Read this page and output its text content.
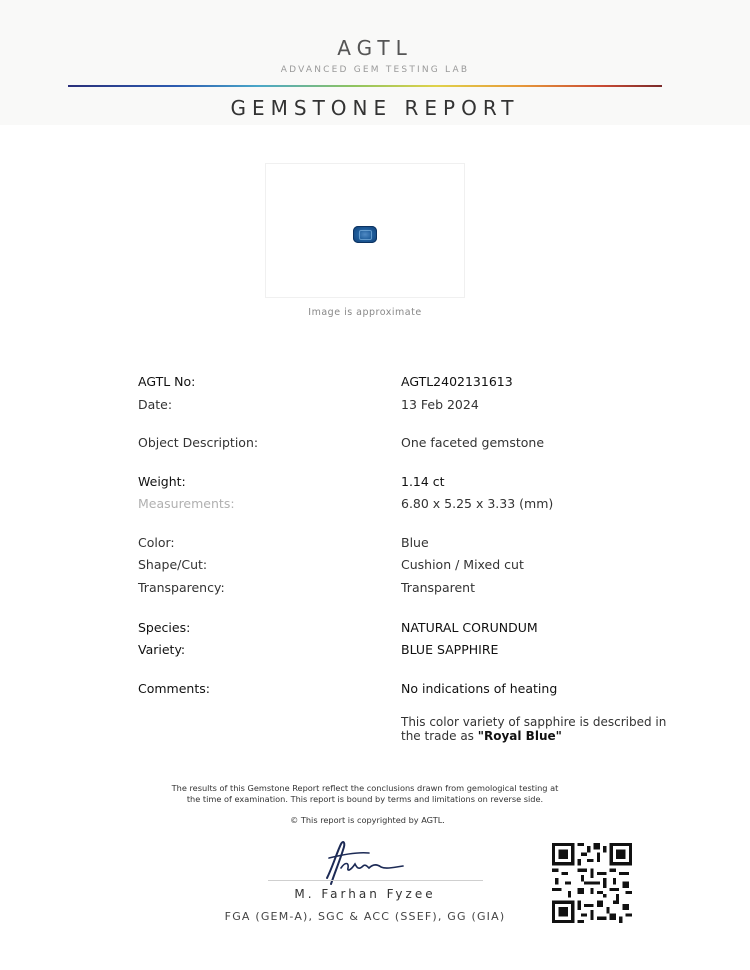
AGTL
ADVANCED GEM TESTING LAB
GEMSTONE REPORT
Image is approximate
AGTL No:	AGTL2402131613
Date:	13 Feb 2024
Object Description:	One faceted gemstone
Weight:	1.14 ct
Measurements:	6.80 x 5.25 x 3.33 (mm)
Color:	Blue
Shape/Cut:	Cushion / Mixed cut
Transparency:	Transparent
Species:	NATURAL CORUNDUM
Variety:	BLUE SAPPHIRE
Comments:	No indications of heating
This color variety of sapphire is described in the trade as "Royal Blue"
The results of this Gemstone Report reflect the conclusions drawn from gemological testing at
the time of examination. This report is bound by terms and limitations on reverse side.
© This report is copyrighted by AGTL.
M. Farhan Fyzee
FGA (GEM-A), SGC & ACC (SSEF), GG (GIA)
